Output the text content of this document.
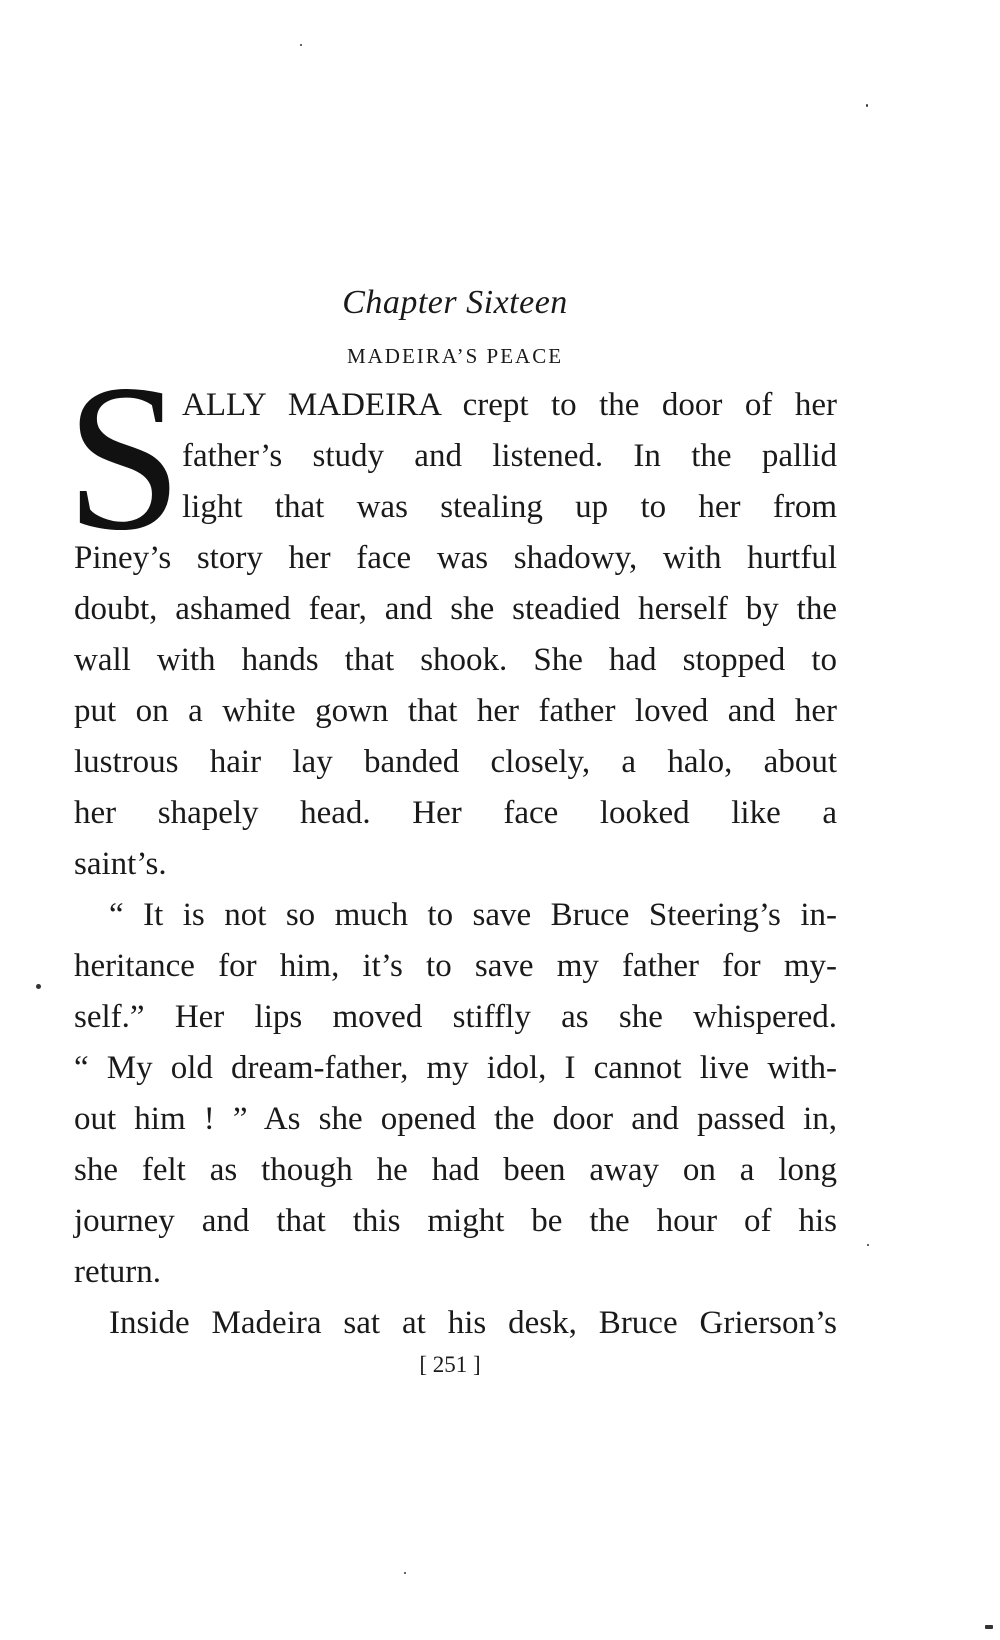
Chapter Sixteen
MADEIRA’S PEACE
S ALLY MADEIRA crept to the door of her
father’s study and listened. In the pallid
light that was stealing up to her from
Piney’s story her face was shadowy, with hurtful
doubt, ashamed fear, and she steadied herself by the
wall with hands that shook. She had stopped to
put on a white gown that her father loved and her
lustrous hair lay banded closely, a halo, about
her shapely head. Her face looked like a
saint’s.
“ It is not so much to save Bruce Steering’s in-
heritance for him, it’s to save my father for my-
self.” Her lips moved stiffly as she whispered.
“ My old dream-father, my idol, I cannot live with-
out him ! ” As she opened the door and passed in,
she felt as though he had been away on a long
journey and that this might be the hour of his
return.
Inside Madeira sat at his desk, Bruce Grierson’s
[ 251 ]
